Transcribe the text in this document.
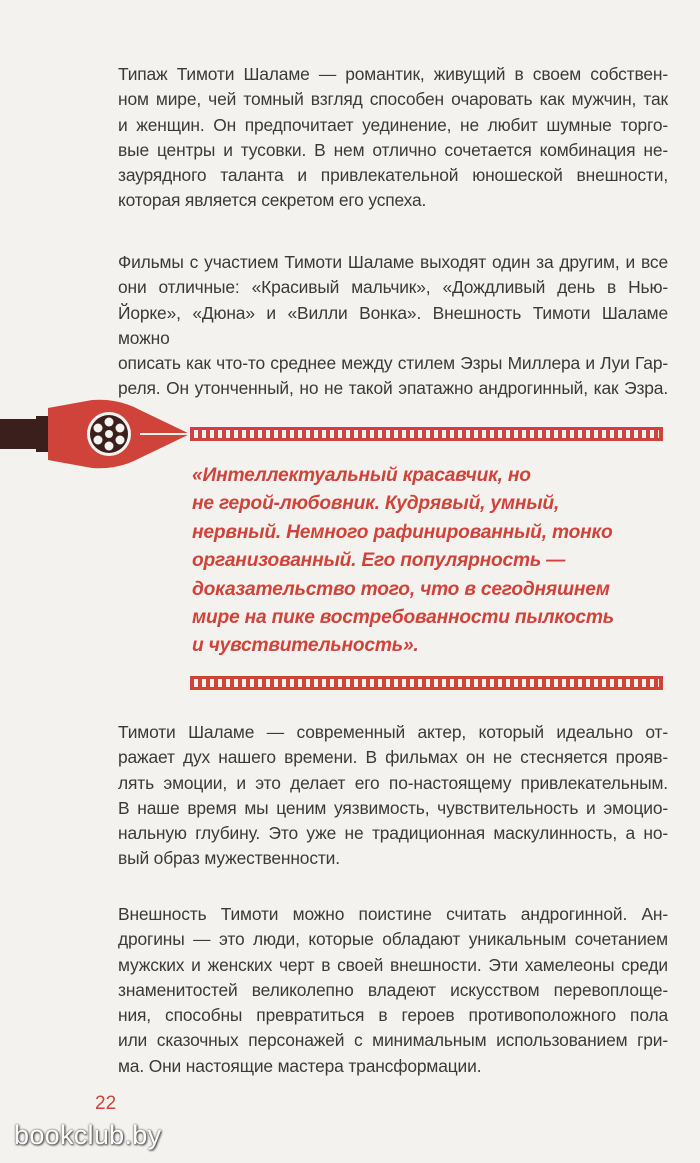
Типаж Тимоти Шаламе — романтик, живущий в своем собствен-
ном мире, чей томный взгляд способен очаровать как мужчин, так
и женщин. Он предпочитает уединение, не любит шумные торго-
вые центры и тусовки. В нем отлично сочетается комбинация не-
заурядного таланта и привлекательной юношеской внешности,
которая является секретом его успеха.
Фильмы с участием Тимоти Шаламе выходят один за другим, и все
они отличные: «Красивый мальчик», «Дождливый день в Нью-
Йорке», «Дюна» и «Вилли Вонка». Внешность Тимоти Шаламе можно
описать как что-то среднее между стилем Эзры Миллера и Луи Гар-
реля. Он утонченный, но не такой эпатажно андрогинный, как Эзра.
«Интеллектуальный красавчик, но
не герой-любовник. Кудрявый, умный,
нервный. Немного рафинированный, тонко
организованный. Его популярность —
доказательство того, что в сегодняшнем
мире на пике востребованности пылкость
и чувствительность».
Тимоти Шаламе — современный актер, который идеально от-
ражает дух нашего времени. В фильмах он не стесняется прояв-
лять эмоции, и это делает его по-настоящему привлекательным.
В наше время мы ценим уязвимость, чувствительность и эмоцио-
нальную глубину. Это уже не традиционная маскулинность, а но-
вый образ мужественности.
Внешность Тимоти можно поистине считать андрогинной. Ан-
дрогины — это люди, которые обладают уникальным сочетанием
мужских и женских черт в своей внешности. Эти хамелеоны среди
знаменитостей великолепно владеют искусством перевоплоще-
ния, способны превратиться в героев противоположного пола
или сказочных персонажей с минимальным использованием гри-
ма. Они настоящие мастера трансформации.
22
bookclub.by
